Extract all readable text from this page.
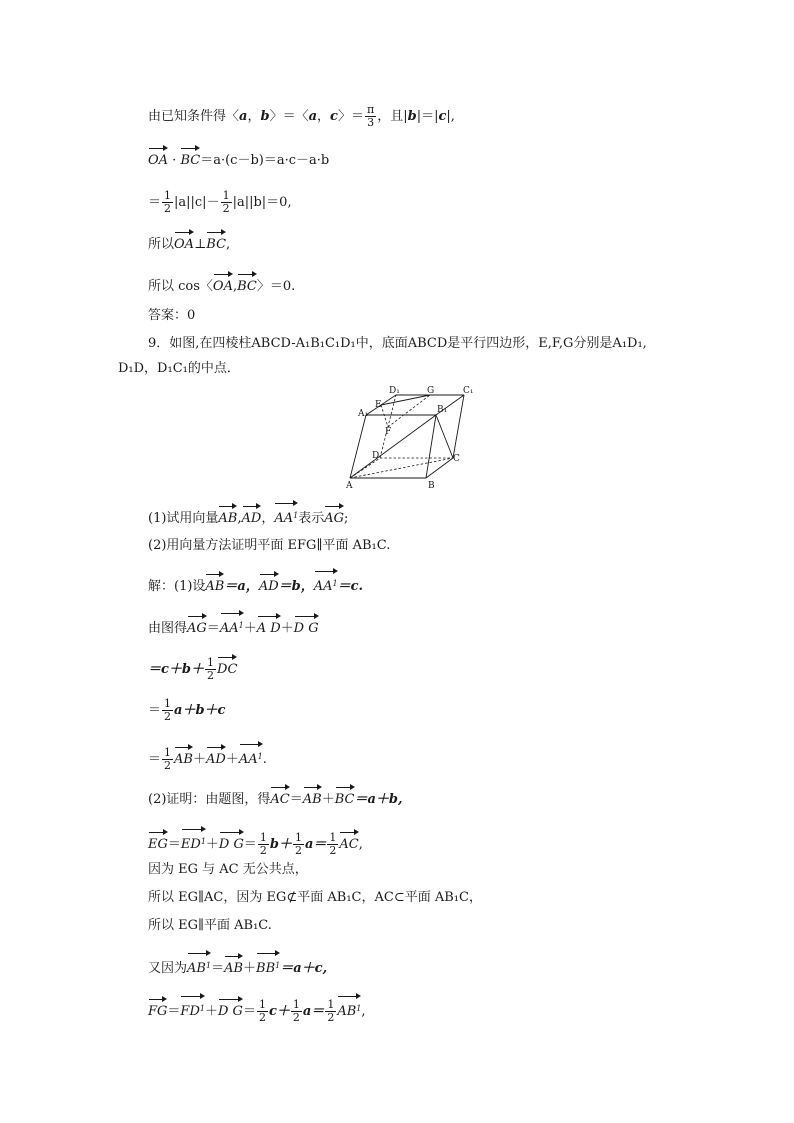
由已知条件得〈a，b〉＝〈a，c〉＝ $\frac{\pi}{3}$ ，且|b|＝|c|,
OA · BC＝a·(c－b)＝a·c－a·b
＝ $\frac{1}{2} |a||c|- \frac{1}{2} |a||b|=0$,
所以OA⊥BC,
所以 cos〈OA,BC〉＝0.
答案：0
9．如图,在四棱柱ABCD-A₁B₁C₁D₁中，底面ABCD是平行四边形，E,F,G分别是A₁D₁,
D₁D，D₁C₁的中点．
D₁	G	C₁
E
A₁	B₁
F
D	C
A	B
(1)试用向量AB,AD，$AA^1$表示AG;
(2)用向量方法证明平面 EFG∥平面 AB₁C.
解：(1)设AB＝a，AD＝b，$AA^1=c$.
由图得$AG=AA^1+A$ D＋D G
$=c+b+ \frac{1}{2}$ DC
＝ $\frac{1}{2} a+b+c$
＝ $\frac{1}{2} AB+AD+AA^1$.
(2)证明：由题图，得AC＝AB＋BC＝a＋b,
$EG=ED^1+D$ $G= \frac{1}{2} b+ \frac{1}{2} a= \frac{1}{2}$ AC,
因为 EG 与 AC 无公共点，
所以 EG∥AC，因为 EG⊄平面 AB₁C，AC⊂平面 AB₁C，
所以 EG∥平面 AB₁C.
又因为$AB^1=AB+BB^1=a+c$,
$FG=FD^1+D$ $G= \frac{1}{2} c+ \frac{1}{2} a= \frac{1}{2} AB^1$,
